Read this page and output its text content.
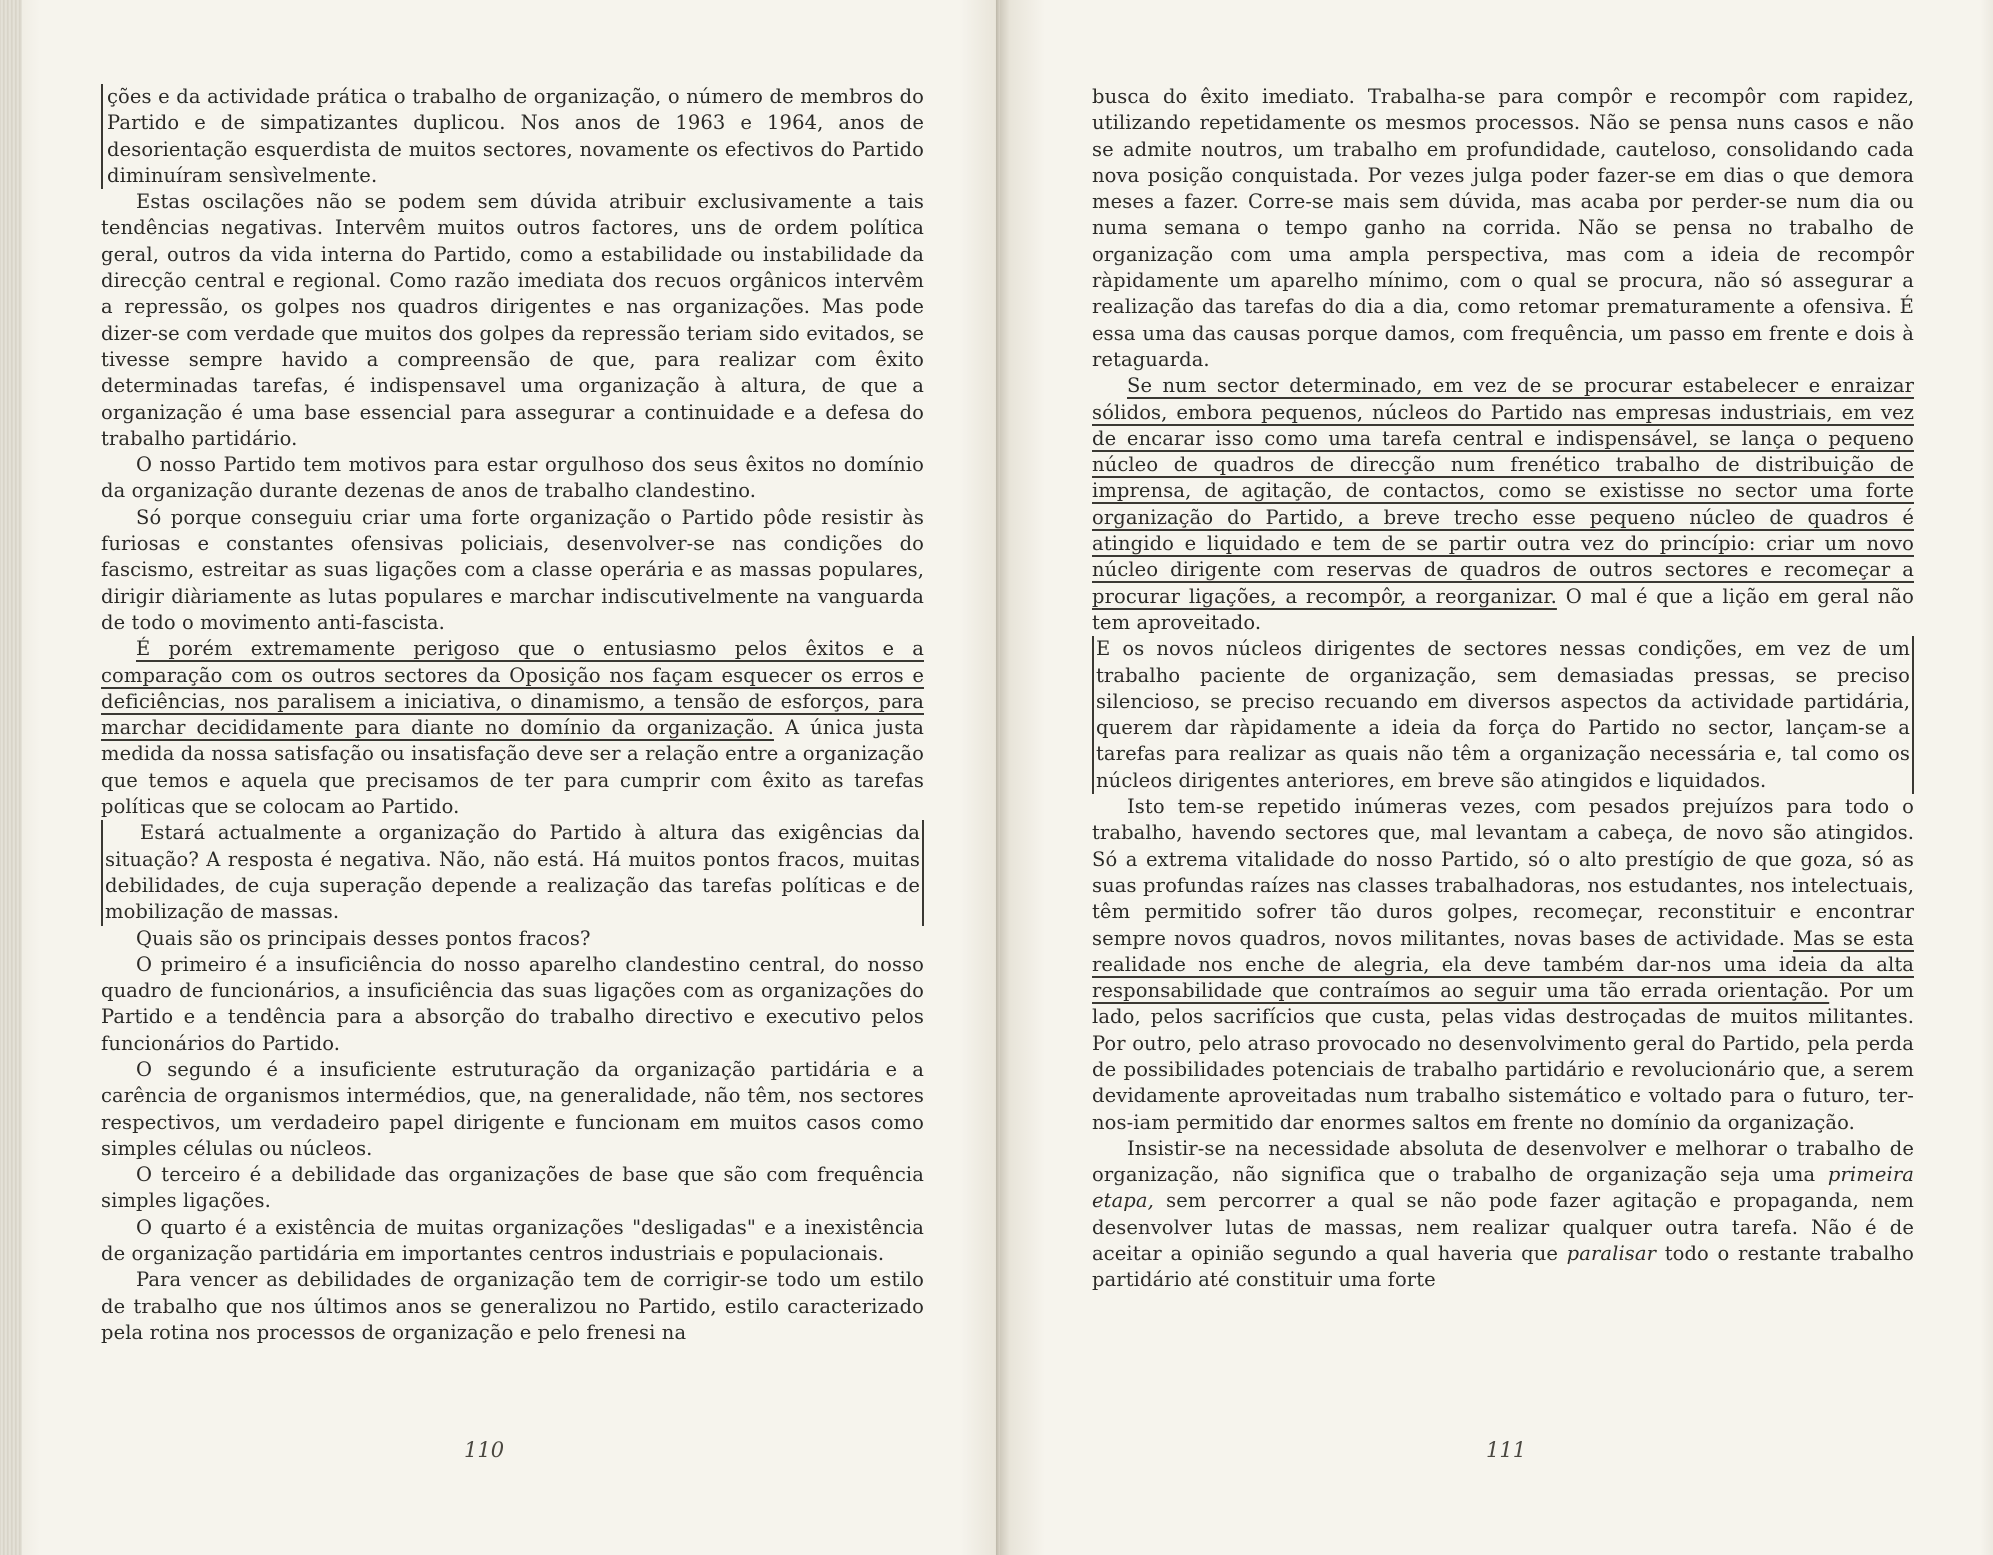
ções e da actividade prática o trabalho de organização, o número de membros do Partido e de simpatizantes duplicou. Nos anos de 1963 e 1964, anos de desorientação esquerdista de muitos sectores, novamente os efectivos do Partido diminuíram sensìvelmente.

Estas oscilações não se podem sem dúvida atribuir exclusivamente a tais tendências negativas. Intervêm muitos outros factores, uns de ordem política geral, outros da vida interna do Partido, como a estabilidade ou instabilidade da direcção central e regional. Como razão imediata dos recuos orgânicos intervêm a repressão, os golpes nos quadros dirigentes e nas organizações. Mas pode dizer-se com verdade que muitos dos golpes da repressão teriam sido evitados, se tivesse sempre havido a compreensão de que, para realizar com êxito determinadas tarefas, é indispensavel uma organização à altura, de que a organização é uma base essencial para assegurar a continuidade e a defesa do trabalho partidário.

O nosso Partido tem motivos para estar orgulhoso dos seus êxitos no domínio da organização durante dezenas de anos de trabalho clandestino.

Só porque conseguiu criar uma forte organização o Partido pôde resistir às furiosas e constantes ofensivas policiais, desenvolver-se nas condições do fascismo, estreitar as suas ligações com a classe operária e as massas populares, dirigir diàriamente as lutas populares e marchar indiscutivelmente na vanguarda de todo o movimento anti-fascista.

É porém extremamente perigoso que o entusiasmo pelos êxitos e a comparação com os outros sectores da Oposição nos façam esquecer os erros e deficiências, nos paralisem a iniciativa, o dinamismo, a tensão de esforços, para marchar decididamente para diante no domínio da organização. A única justa medida da nossa satisfação ou insatisfação deve ser a relação entre a organização que temos e aquela que precisamos de ter para cumprir com êxito as tarefas políticas que se colocam ao Partido.

Estará actualmente a organização do Partido à altura das exigências da situação? A resposta é negativa. Não, não está. Há muitos pontos fracos, muitas debilidades, de cuja superação depende a realização das tarefas políticas e de mobilização de massas.

Quais são os principais desses pontos fracos?

O primeiro é a insuficiência do nosso aparelho clandestino central, do nosso quadro de funcionários, a insuficiência das suas ligações com as organizações do Partido e a tendência para a absorção do trabalho directivo e executivo pelos funcionários do Partido.

O segundo é a insuficiente estruturação da organização partidária e a carência de organismos intermédios, que, na generalidade, não têm, nos sectores respectivos, um verdadeiro papel dirigente e funcionam em muitos casos como simples células ou núcleos.

O terceiro é a debilidade das organizações de base que são com frequência simples ligações.

O quarto é a existência de muitas organizações "desligadas" e a inexistência de organização partidária em importantes centros industriais e populacionais.

Para vencer as debilidades de organização tem de corrigir-se todo um estilo de trabalho que nos últimos anos se generalizou no Partido, estilo caracterizado pela rotina nos processos de organização e pelo frenesi na

110

busca do êxito imediato. Trabalha-se para compôr e recompôr com rapidez, utilizando repetidamente os mesmos processos. Não se pensa nuns casos e não se admite noutros, um trabalho em profundidade, cauteloso, consolidando cada nova posição conquistada. Por vezes julga poder fazer-se em dias o que demora meses a fazer. Corre-se mais sem dúvida, mas acaba por perder-se num dia ou numa semana o tempo ganho na corrida. Não se pensa no trabalho de organização com uma ampla perspectiva, mas com a ideia de recompôr ràpidamente um aparelho mínimo, com o qual se procura, não só assegurar a realização das tarefas do dia a dia, como retomar prematuramente a ofensiva. É essa uma das causas porque damos, com frequência, um passo em frente e dois à retaguarda.

Se num sector determinado, em vez de se procurar estabelecer e enraizar sólidos, embora pequenos, núcleos do Partido nas empresas industriais, em vez de encarar isso como uma tarefa central e indispensável, se lança o pequeno núcleo de quadros de direcção num frenético trabalho de distribuição de imprensa, de agitação, de contactos, como se existisse no sector uma forte organização do Partido, a breve trecho esse pequeno núcleo de quadros é atingido e liquidado e tem de se partir outra vez do princípio: criar um novo núcleo dirigente com reservas de quadros de outros sectores e recomeçar a procurar ligações, a recompôr, a reorganizar. O mal é que a lição em geral não tem aproveitado.

E os novos núcleos dirigentes de sectores nessas condições, em vez de um trabalho paciente de organização, sem demasiadas pressas, se preciso silencioso, se preciso recuando em diversos aspectos da actividade partidária, querem dar ràpidamente a ideia da força do Partido no sector, lançam-se a tarefas para realizar as quais não têm a organização necessária e, tal como os núcleos dirigentes anteriores, em breve são atingidos e liquidados.

Isto tem-se repetido inúmeras vezes, com pesados prejuízos para todo o trabalho, havendo sectores que, mal levantam a cabeça, de novo são atingidos. Só a extrema vitalidade do nosso Partido, só o alto prestígio de que goza, só as suas profundas raízes nas classes trabalhadoras, nos estudantes, nos intelectuais, têm permitido sofrer tão duros golpes, recomeçar, reconstituir e encontrar sempre novos quadros, novos militantes, novas bases de actividade. Mas se esta realidade nos enche de alegria, ela deve também dar-nos uma ideia da alta responsabilidade que contraímos ao seguir uma tão errada orientação. Por um lado, pelos sacrifícios que custa, pelas vidas destroçadas de muitos militantes. Por outro, pelo atraso provocado no desenvolvimento geral do Partido, pela perda de possibilidades potenciais de trabalho partidário e revolucionário que, a serem devidamente aproveitadas num trabalho sistemático e voltado para o futuro, ter-nos-iam permitido dar enormes saltos em frente no domínio da organização.

Insistir-se na necessidade absoluta de desenvolver e melhorar o trabalho de organização, não significa que o trabalho de organização seja uma primeira etapa, sem percorrer a qual se não pode fazer agitação e propaganda, nem desenvolver lutas de massas, nem realizar qualquer outra tarefa. Não é de aceitar a opinião segundo a qual haveria que paralisar todo o restante trabalho partidário até constituir uma forte

111
